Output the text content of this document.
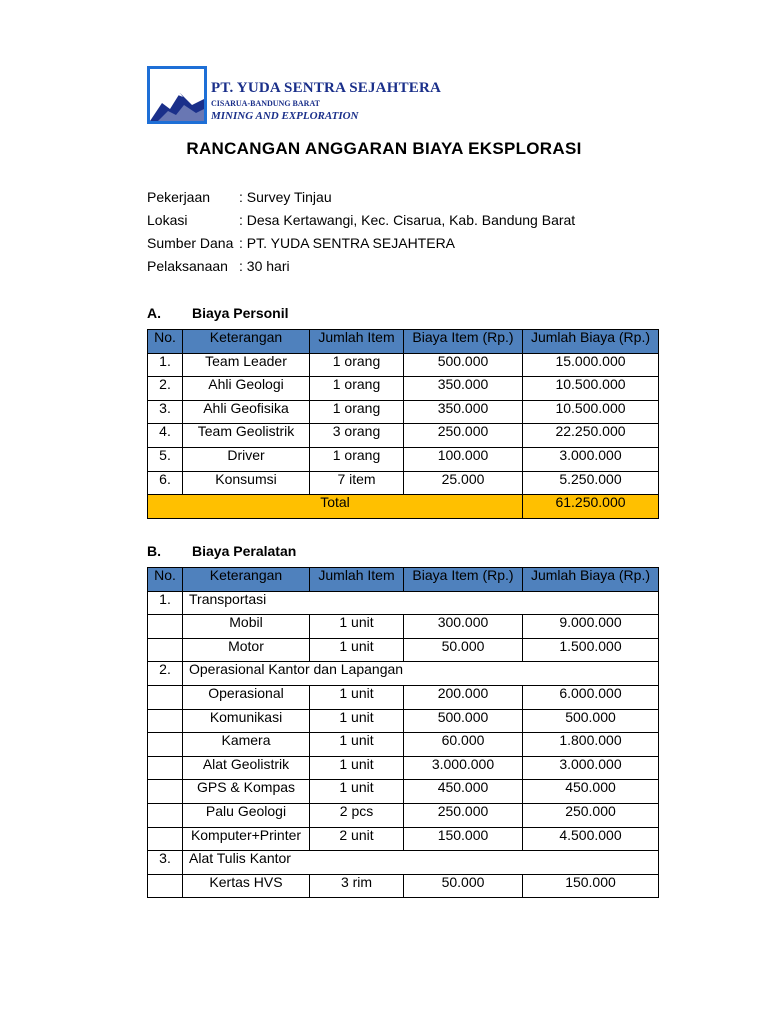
PT. YUDA SENTRA SEJAHTERA
CISARUA-BANDUNG BARAT
MINING AND EXPLORATION
RANCANGAN ANGGARAN BIAYA EKSPLORASI
Pekerjaan	: Survey Tinjau
Lokasi	: Desa Kertawangi, Kec. Cisarua, Kab. Bandung Barat
Sumber Dana : PT. YUDA SENTRA SEJAHTERA
Pelaksanaan : 30 hari
A.	Biaya Personil
No.	Keterangan	Jumlah Item	Biaya Item (Rp.)	Jumlah Biaya (Rp.)
1.	Team Leader	1 orang	500.000	15.000.000
2.	Ahli Geologi	1 orang	350.000	10.500.000
3.	Ahli Geofisika	1 orang	350.000	10.500.000
4.	Team Geolistrik	3 orang	250.000	22.250.000
5.	Driver	1 orang	100.000	3.000.000
6.	Konsumsi	7 item	25.000	5.250.000
Total				61.250.000
B.	Biaya Peralatan
No.	Keterangan	Jumlah Item	Biaya Item (Rp.)	Jumlah Biaya (Rp.)
1.	Transportasi			
	Mobil	1 unit	300.000	9.000.000
	Motor	1 unit	50.000	1.500.000
2.	Operasional Kantor dan Lapangan			
	Operasional	1 unit	200.000	6.000.000
	Komunikasi	1 unit	500.000	500.000
	Kamera	1 unit	60.000	1.800.000
	Alat Geolistrik	1 unit	3.000.000	3.000.000
	GPS & Kompas	1 unit	450.000	450.000
	Palu Geologi	2 pcs	250.000	250.000
	Komputer+Printer	2 unit	150.000	4.500.000
3.	Alat Tulis Kantor			
	Kertas HVS	3 rim	50.000	150.000
